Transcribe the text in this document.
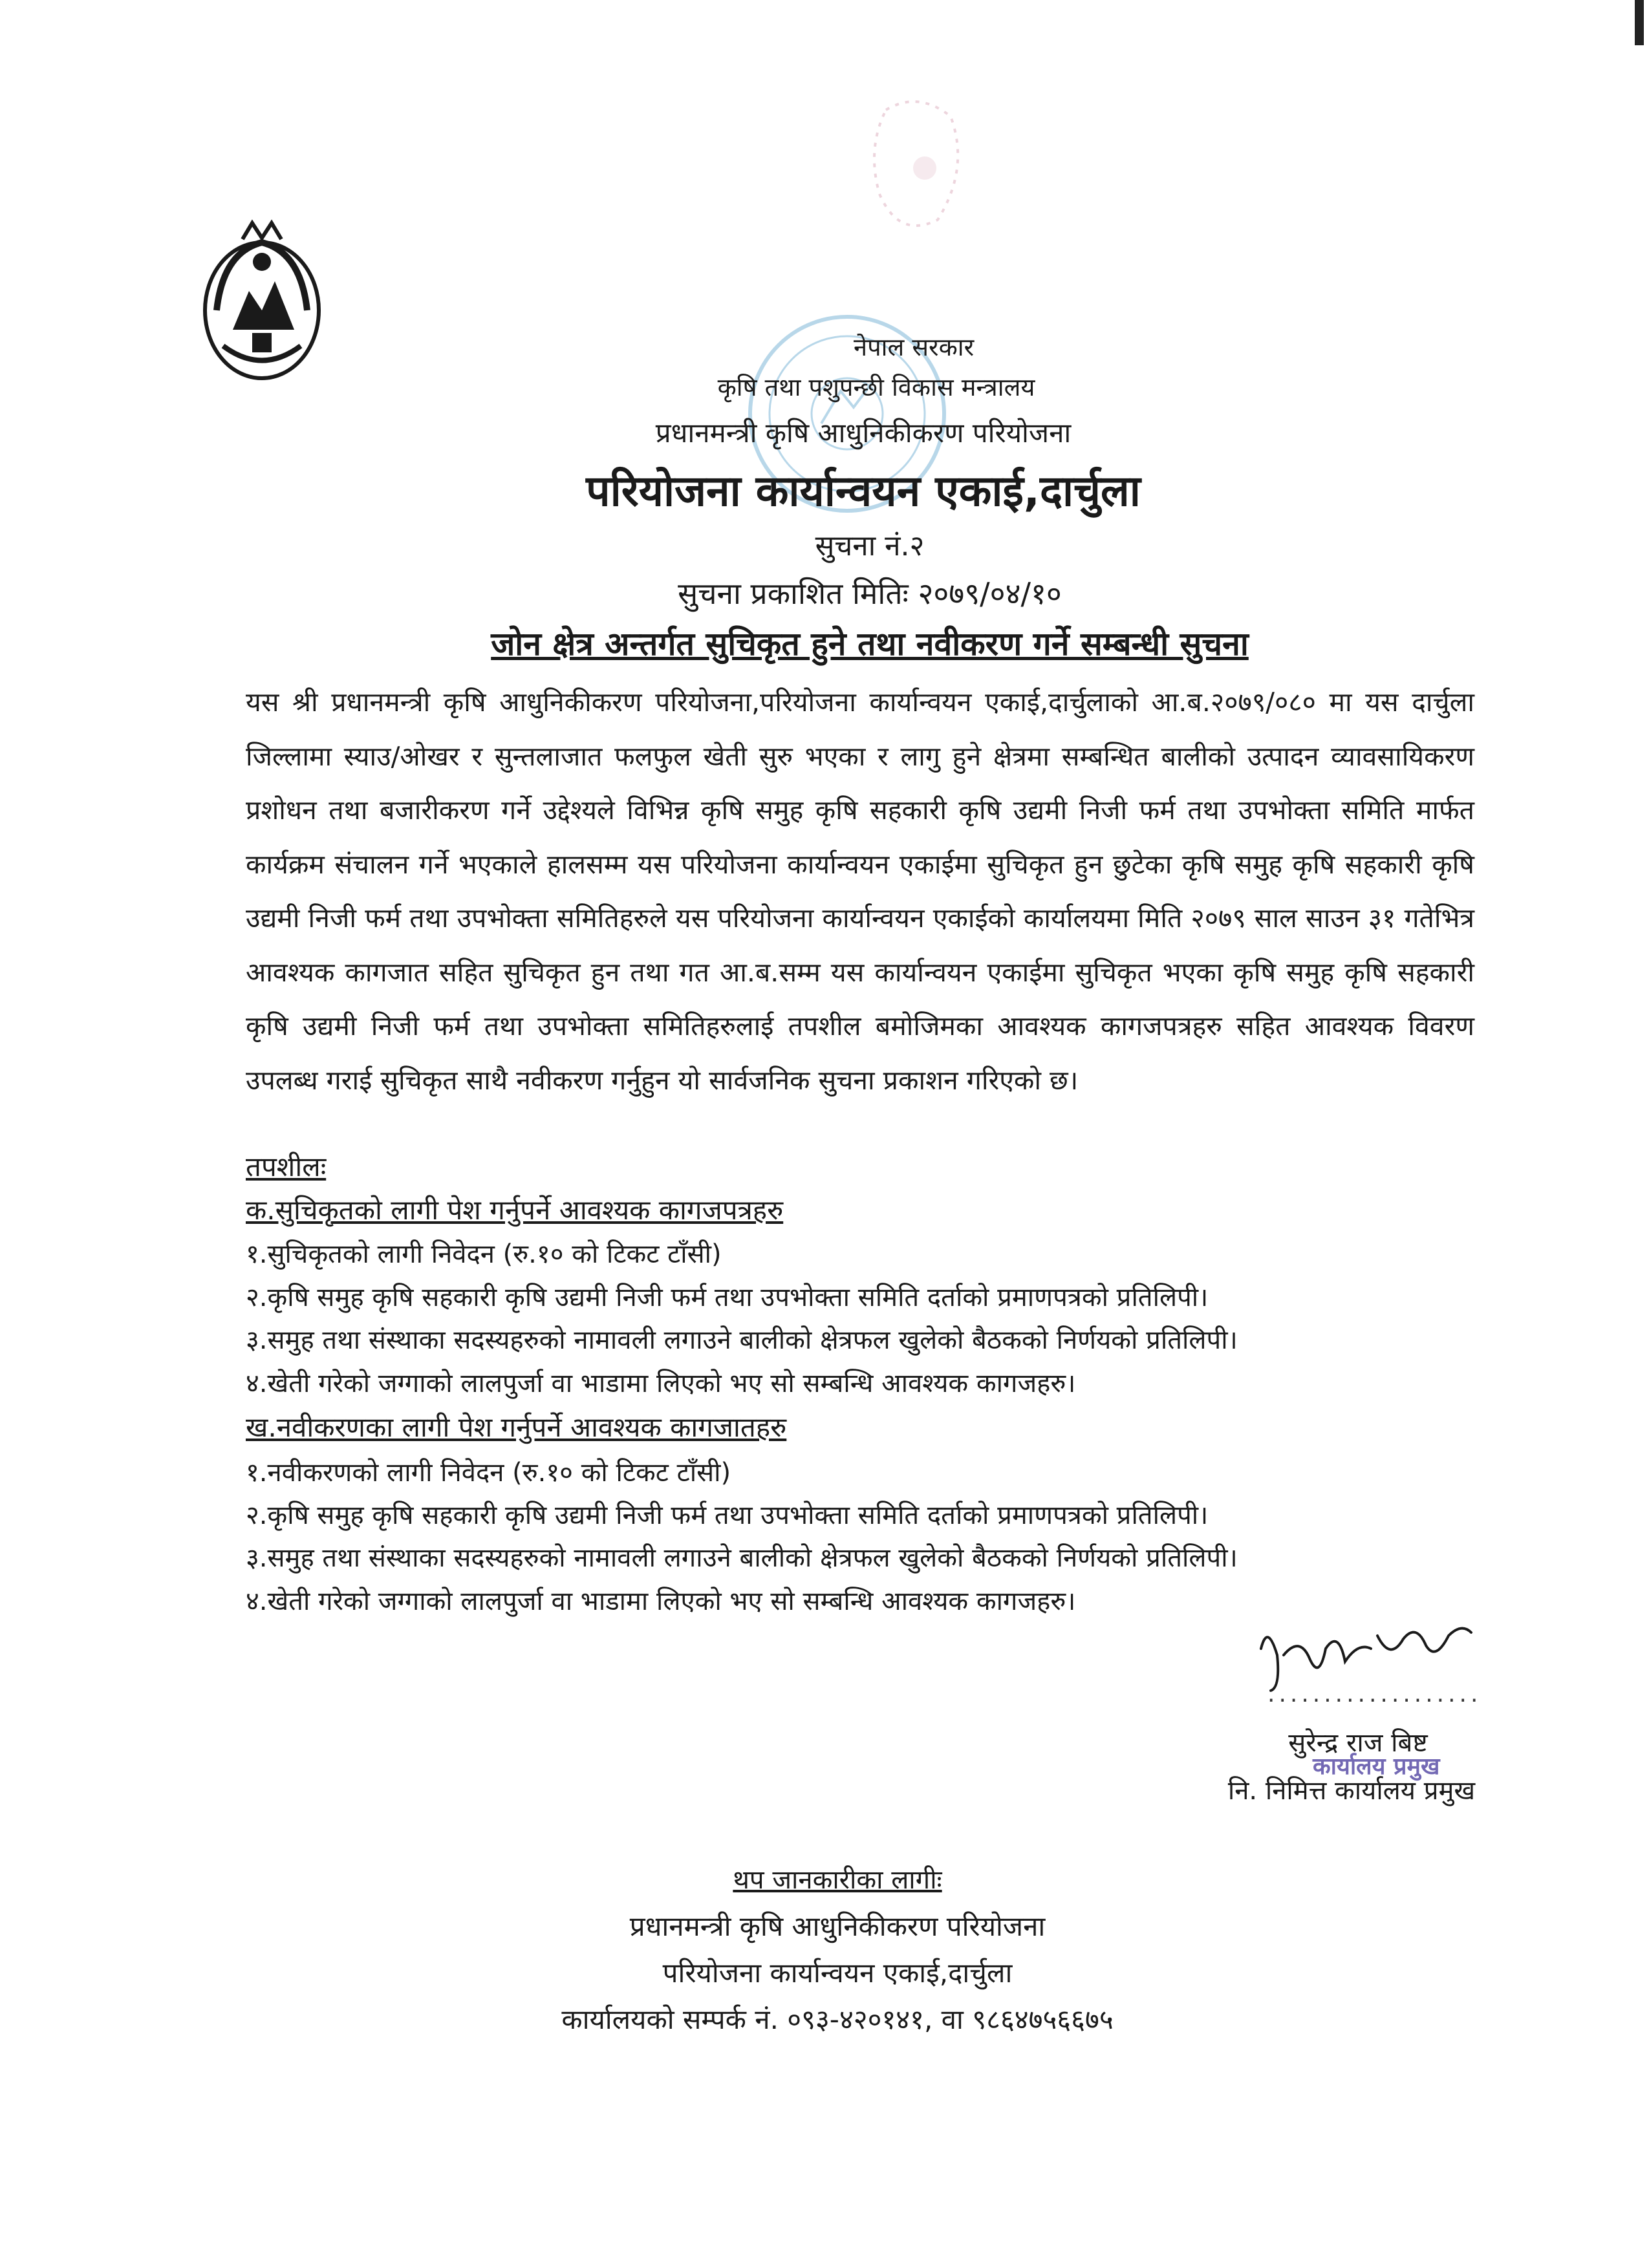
नेपाल सरकार
कृषि तथा पशुपन्छी विकास मन्त्रालय
प्रधानमन्त्री कृषि आधुनिकीकरण परियोजना
परियोजना कार्यान्वयन एकाई,दार्चुला
सुचना नं.२
सुचना प्रकाशित मितिः २०७९/०४/१०
जोन क्षेत्र अन्तर्गत सुचिकृत हुने तथा नवीकरण गर्ने सम्बन्धी सुचना
यस श्री प्रधानमन्त्री कृषि आधुनिकीकरण परियोजना,परियोजना कार्यान्वयन एकाई,दार्चुलाको आ.ब.२०७९/०८० मा यस दार्चुला जिल्लामा स्याउ/ओखर र सुन्तलाजात फलफुल खेती सुरु भएका र लागु हुने क्षेत्रमा सम्बन्धित बालीको उत्पादन व्यावसायिकरण प्रशोधन तथा बजारीकरण गर्ने उद्देश्यले विभिन्न कृषि समुह कृषि सहकारी कृषि उद्यमी निजी फर्म तथा उपभोक्ता समिति मार्फत कार्यक्रम संचालन गर्ने भएकाले हालसम्म यस परियोजना कार्यान्वयन एकाईमा सुचिकृत हुन छुटेका कृषि समुह कृषि सहकारी कृषि उद्यमी निजी फर्म तथा उपभोक्ता समितिहरुले यस परियोजना कार्यान्वयन एकाईको कार्यालयमा मिति २०७९ साल साउन ३१ गतेभित्र आवश्यक कागजात सहित सुचिकृत हुन तथा गत आ.ब.सम्म यस कार्यान्वयन एकाईमा सुचिकृत भएका कृषि समुह कृषि सहकारी कृषि उद्यमी निजी फर्म तथा उपभोक्ता समितिहरुलाई तपशील बमोजिमका आवश्यक कागजपत्रहरु सहित आवश्यक विवरण उपलब्ध गराई सुचिकृत साथै नवीकरण गर्नुहुन यो सार्वजनिक सुचना प्रकाशन गरिएको छ।
तपशीलः
क.सुचिकृतको लागी पेश गर्नुपर्ने आवश्यक कागजपत्रहरु
१.सुचिकृतको लागी निवेदन (रु.१० को टिकट टाँसी)
२.कृषि समुह कृषि सहकारी कृषि उद्यमी निजी फर्म तथा उपभोक्ता समिति दर्ताको प्रमाणपत्रको प्रतिलिपी।
३.समुह तथा संस्थाका सदस्यहरुको नामावली लगाउने बालीको क्षेत्रफल खुलेको बैठकको निर्णयको प्रतिलिपी।
४.खेती गरेको जग्गाको लालपुर्जा वा भाडामा लिएको भए सो सम्बन्धि आवश्यक कागजहरु।
ख.नवीकरणका लागी पेश गर्नुपर्ने आवश्यक कागजातहरु
१.नवीकरणको लागी निवेदन (रु.१० को टिकट टाँसी)
२.कृषि समुह कृषि सहकारी कृषि उद्यमी निजी फर्म तथा उपभोक्ता समिति दर्ताको प्रमाणपत्रको प्रतिलिपी।
३.समुह तथा संस्थाका सदस्यहरुको नामावली लगाउने बालीको क्षेत्रफल खुलेको बैठकको निर्णयको प्रतिलिपी।
४.खेती गरेको जग्गाको लालपुर्जा वा भाडामा लिएको भए सो सम्बन्धि आवश्यक कागजहरु।
...................
सुरेन्द्र राज बिष्ट
कार्यालय प्रमुख
नि. निमित्त कार्यालय प्रमुख
थप जानकारीका लागीः
प्रधानमन्त्री कृषि आधुनिकीकरण परियोजना
परियोजना कार्यान्वयन एकाई,दार्चुला
कार्यालयको सम्पर्क नं. ०९३-४२०१४१, वा ९८६४७५६६७५
